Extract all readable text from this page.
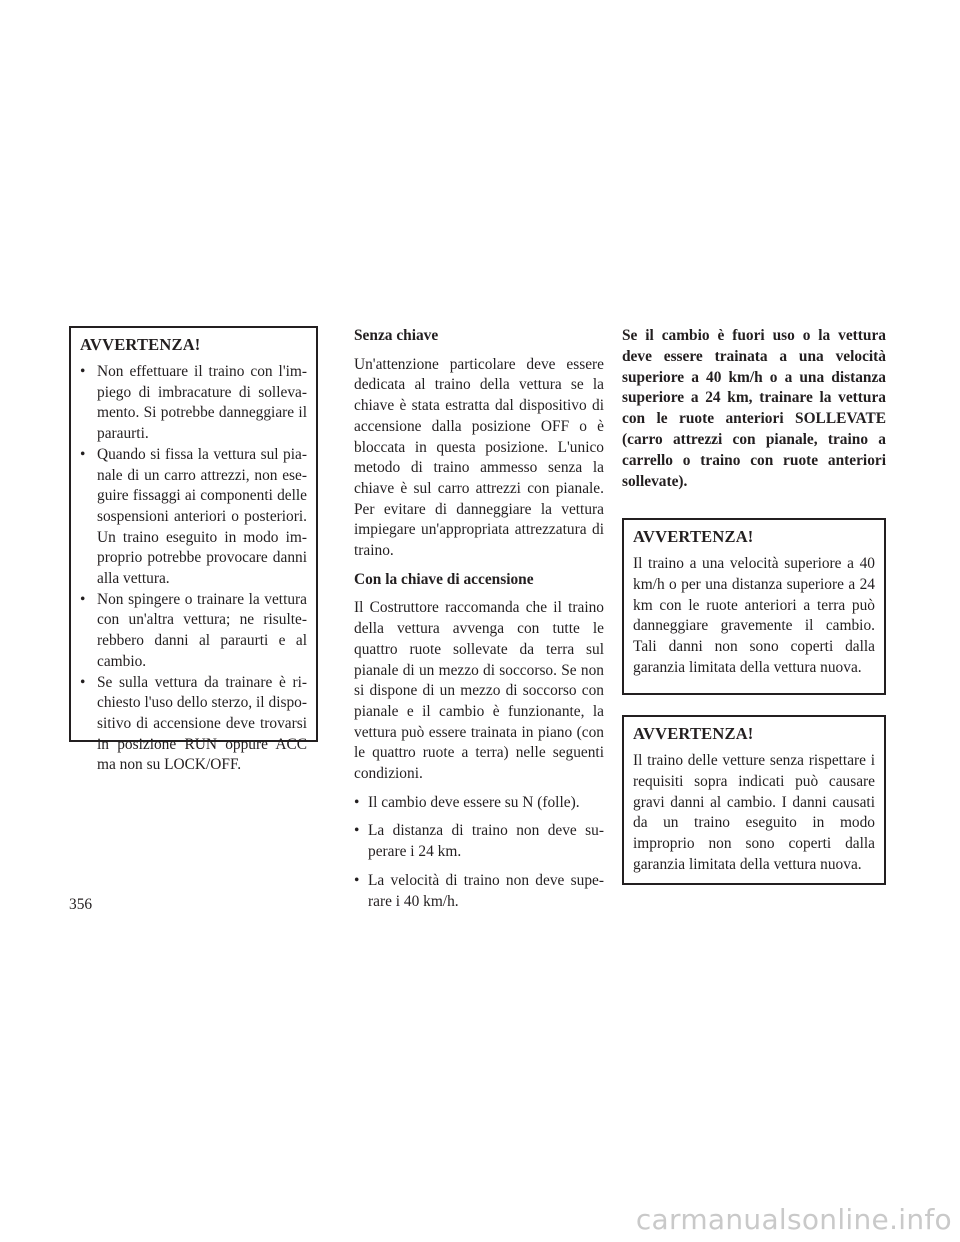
AVVERTENZA!
• Non effettuare il traino con l'impiego di imbracature di sollevamento. Si potrebbe danneggiare il paraurti.
• Quando si fissa la vettura sul pianale di un carro attrezzi, non eseguire fissaggi ai componenti delle sospensioni anteriori o posteriori. Un traino eseguito in modo improprio potrebbe provocare danni alla vettura.
• Non spingere o trainare la vettura con un'altra vettura; ne risulterebbero danni al paraurti e al cambio.
• Se sulla vettura da trainare è richiesto l'uso dello sterzo, il dispositivo di accensione deve trovarsi in posizione RUN oppure ACC ma non su LOCK/OFF.
Senza chiave

Un'attenzione particolare deve essere dedicata al traino della vettura se la chiave è stata estratta dal dispositivo di accensione dalla posizione OFF o è bloccata in questa posizione. L'unico metodo di traino ammesso senza la chiave è sul carro attrezzi con pianale. Per evitare di danneggiare la vettura impiegare un'appropriata attrezzatura di traino.

Con la chiave di accensione

Il Costruttore raccomanda che il traino della vettura avvenga con tutte le quattro ruote sollevate da terra sul pianale di un mezzo di soccorso. Se non si dispone di un mezzo di soccorso con pianale e il cambio è funzionante, la vettura può essere trainata in piano (con le quattro ruote a terra) nelle seguenti condizioni.

• Il cambio deve essere su N (folle).
• La distanza di traino non deve superare i 24 km.
• La velocità di traino non deve superare i 40 km/h.

Se il cambio è fuori uso o la vettura deve essere trainata a una velocità superiore a 40 km/h o a una distanza superiore a 24 km, trainare la vettura con le ruote anteriori SOLLEVATE (carro attrezzi con pianale, traino a carrello o traino con ruote anteriori sollevate).

AVVERTENZA!

Il traino a una velocità superiore a 40 km/h o per una distanza superiore a 24 km con le ruote anteriori a terra può danneggiare gravemente il cambio. Tali danni non sono coperti dalla garanzia limitata della vettura nuova.

AVVERTENZA!

Il traino delle vetture senza rispettare i requisiti sopra indicati può causare gravi danni al cambio. I danni causati da un traino eseguito in modo improprio non sono coperti dalla garanzia limitata della vettura nuova.

356
carmanualsonline.info
